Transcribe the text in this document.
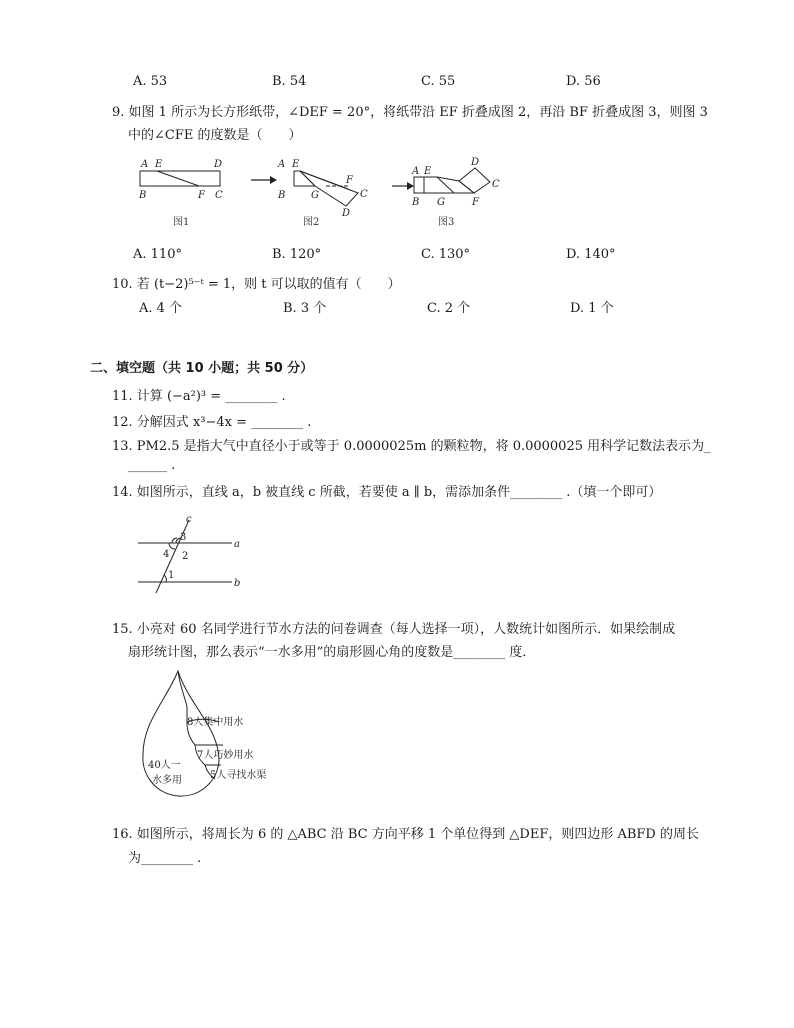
A. 53	B. 54	C. 55	D. 56
9. 如图 1 所示为长方形纸带，∠DEF = 20°，将纸带沿 EF 折叠成图 2，再沿 BF 折叠成图 3，则图 3
中的∠CFE 的度数是（　　）
A E	D
B	F C
图1
A E
B	G
F
C
D
图2
A E
D
C
B G	F
图3
A. 110°	B. 120°	C. 130°	D. 140°
10. 若 (t−2)⁵⁻ᵗ = 1，则 t 可以取的值有（　　）
A. 4 个	B. 3 个	C. 2 个	D. 1 个
二、填空题（共 10 小题；共 50 分）
11. 计算 (−a²)³ = ________ .
12. 分解因式 x³−4x = ________ .
13. PM2.5 是指大气中直径小于或等于 0.0000025m 的颗粒物，将 0.0000025 用科学记数法表示为_
______ .
14. 如图所示，直线 a，b 被直线 c 所截，若要使 a ∥ b，需添加条件________ .（填一个即可）
c
a
b
3
4 2
1
15. 小亮对 60 名同学进行节水方法的问卷调查（每人选择一项），人数统计如图所示．如果绘制成
扇形统计图，那么表示“一水多用”的扇形圆心角的度数是________ 度．
8人集中用水
7人巧妙用水
5人寻找水渠
40人一
水多用
16. 如图所示，将周长为 6 的 △ABC 沿 BC 方向平移 1 个单位得到 △DEF，则四边形 ABFD 的周长
为________ .
